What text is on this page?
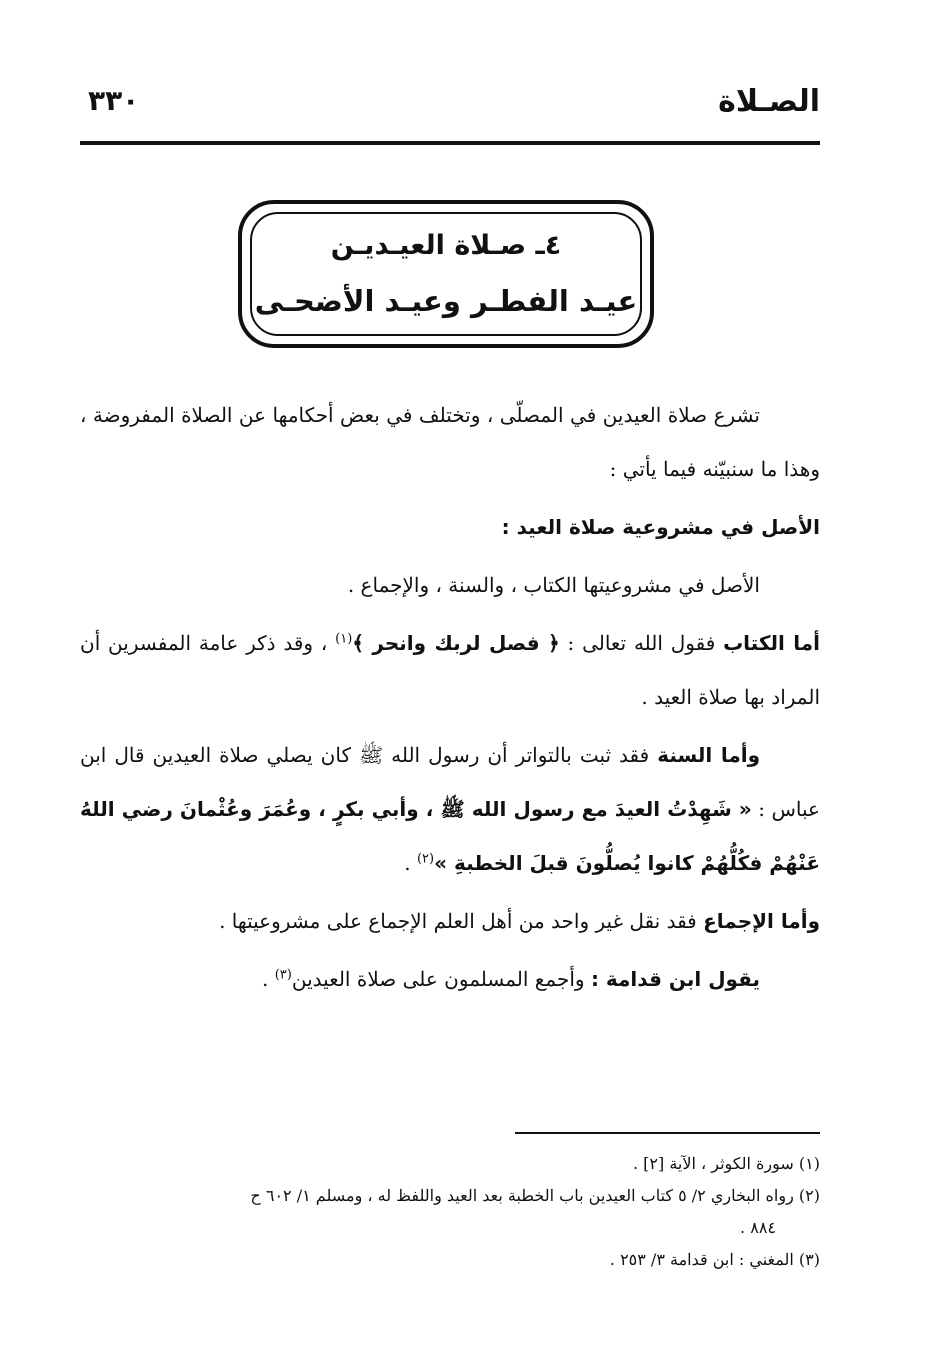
الصـلاة
٣٣٠
٤ـ صـلاة العيـديـن
عيـد الفطـر وعيـد الأضحـى

تشرع صلاة العيدين في المصلّى ، وتختلف في بعض أحكامها عن الصلاة المفروضة ، وهذا ما سنبيّنه فيما يأتي :

الأصل في مشروعية صلاة العيد :

الأصل في مشروعيتها الكتاب ، والسنة ، والإجماع .

أما الكتاب فقول الله تعالى : ﴿ فصل لربك وانحر ﴾$^{(١)}$ ، وقد ذكر عامة المفسرين أن المراد بها صلاة العيد .

وأما السنة فقد ثبت بالتواتر أن رسول الله ﷺ كان يصلي صلاة العيدين قال ابن عباس : « شَهِدْتُ العيدَ مع رسول الله ﷺ ، وأبي بكرٍ ، وعُمَرَ وعُثْمانَ رضي اللهُ عَنْهُمْ فكُلُّهُمْ كانوا يُصلُّونَ قبلَ الخطبةِ »$^{(٢)}$ .

وأما الإجماع فقد نقل غير واحد من أهل العلم الإجماع على مشروعيتها .

يقول ابن قدامة : وأجمع المسلمون على صلاة العيدين$^{(٣)}$ .

(١) سورة الكوثر ، الآية [٢] .

(٢) رواه البخاري ٢/ ٥ كتاب العيدين باب الخطبة بعد العيد واللفظ له ، ومسلم ١/ ٦٠٢ ح

٨٨٤ .

(٣) المغني : ابن قدامة ٣/ ٢٥٣ .
